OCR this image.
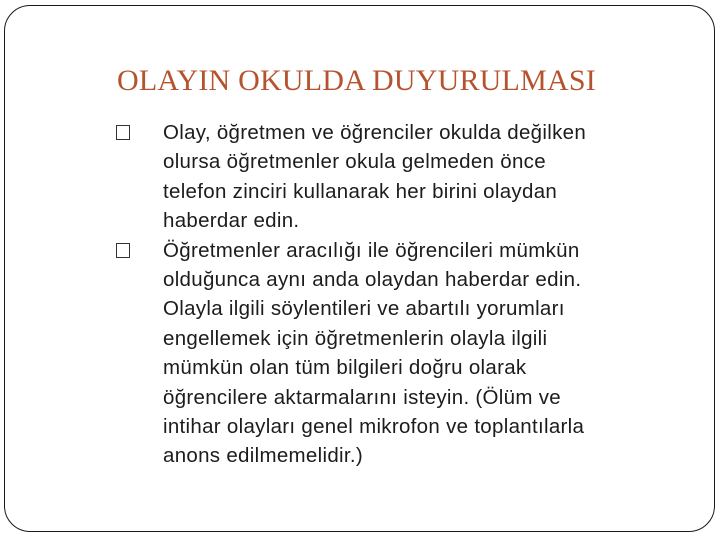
OLAYIN OKULDA DUYURULMASI
Olay, öğretmen ve öğrenciler okulda değilken
olursa öğretmenler okula gelmeden önce
telefon zinciri kullanarak her birini olaydan
haberdar edin.
Öğretmenler aracılığı ile öğrencileri mümkün
olduğunca aynı anda olaydan haberdar edin.
Olayla ilgili söylentileri ve abartılı yorumları
engellemek için öğretmenlerin olayla ilgili
mümkün olan tüm bilgileri doğru olarak
öğrencilere aktarmalarını isteyin. (Ölüm ve
intihar olayları genel mikrofon ve toplantılarla
anons edilmemelidir.)
